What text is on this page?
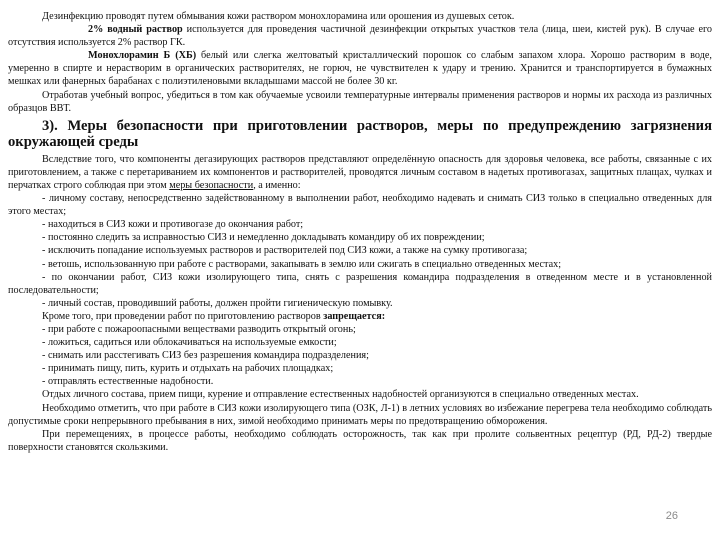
Дезинфекцию проводят путем обмывания кожи раствором монохлорамина или орошения из душевых сеток.

2% водный раствор используется для проведения частичной дезинфекции открытых участков тела (лица, шеи, кистей рук). В случае его отсутствия используется 2% раствор ГК.

Монохлорамин Б (ХБ) белый или слегка желтоватый кристаллический порошок со слабым запахом хлора. Хорошо растворим в воде, умеренно в спирте и нерастворим в органических растворителях, не горюч, не чувствителен к удару и трению. Хранится и транспортируется в бумажных мешках или фанерных барабанах с полиэтиленовыми вкладышами массой не более 30 кг.

Отработав учебный вопрос, убедиться в том как обучаемые усвоили температурные интервалы применения растворов и нормы их расхода из различных образцов ВВТ.

3). Меры безопасности при приготовлении растворов, меры по предупреждению загрязнения окружающей среды

Вследствие того, что компоненты дегазирующих растворов представляют определённую опасность для здоровья человека, все работы, связанные с их приготовлением, а также с перетариванием их компонентов и растворителей, проводятся личным составом в надетых противогазах, защитных плащах, чулках и перчатках строго соблюдая при этом меры безопасности, а именно:

- личному составу, непосредственно задействованному в выполнении работ, необходимо надевать и снимать СИЗ только в специально отведенных для этого местах;

- находиться в СИЗ кожи и противогазе до окончания работ;

- постоянно следить за исправностью СИЗ и немедленно докладывать командиру об их повреждении;

- исключить попадание используемых растворов и растворителей под СИЗ кожи, а также на сумку противогаза;

- ветошь, использованную при работе с растворами, закапывать в землю или сжигать в специально отведенных местах;

- по окончании работ, СИЗ кожи изолирующего типа, снять с разрешения командира подразделения в отведенном месте и в установленной последовательности;

- личный состав, проводивший работы, должен пройти гигиеническую помывку.

Кроме того, при проведении работ по приготовлению растворов запрещается:

- при работе с пожароопасными веществами разводить открытый огонь;

- ложиться, садиться или облокачиваться на используемые емкости;

- снимать или расстегивать СИЗ без разрешения командира подразделения;

- принимать пищу, пить, курить и отдыхать на рабочих площадках;

- отправлять естественные надобности.

Отдых личного состава, прием пищи, курение и отправление естественных надобностей организуются в специально отведенных местах.

Необходимо отметить, что при работе в СИЗ кожи изолирующего типа (ОЗК, Л-1) в летних условиях во избежание перегрева тела необходимо соблюдать допустимые сроки непрерывного пребывания в них, зимой необходимо принимать меры по предотвращению обморожения.

При перемещениях, в процессе работы, необходимо соблюдать осторожность, так как при пролите сольвентных рецептур (РД, РД-2) твердые поверхности становятся скользкими.

26
